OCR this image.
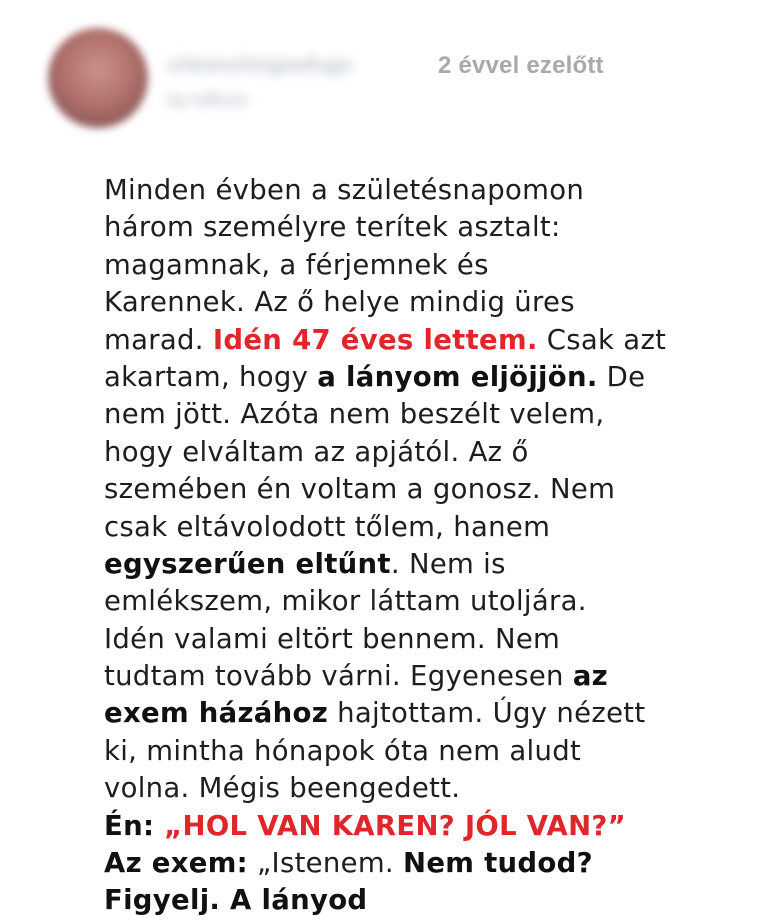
chtrenchingswfugo
by tofburn
2 évvel ezelőtt
Minden évben a születésnapomon
három személyre terítek asztalt:
magamnak, a férjemnek és
Karennek. Az ő helye mindig üres
marad. Idén 47 éves lettem. Csak azt
akartam, hogy a lányom eljöjjön. De
nem jött. Azóta nem beszélt velem,
hogy elváltam az apjától. Az ő
szemében én voltam a gonosz. Nem
csak eltávolodott tőlem, hanem
egyszerűen eltűnt. Nem is
emlékszem, mikor láttam utoljára.
Idén valami eltört bennem. Nem
tudtam tovább várni. Egyenesen az
exem házához hajtottam. Úgy nézett
ki, mintha hónapok óta nem aludt
volna. Mégis beengedett.
Én: „HOL VAN KAREN? JÓL VAN?”
Az exem: „Istenem. Nem tudod?
Figyelj. A lányod
